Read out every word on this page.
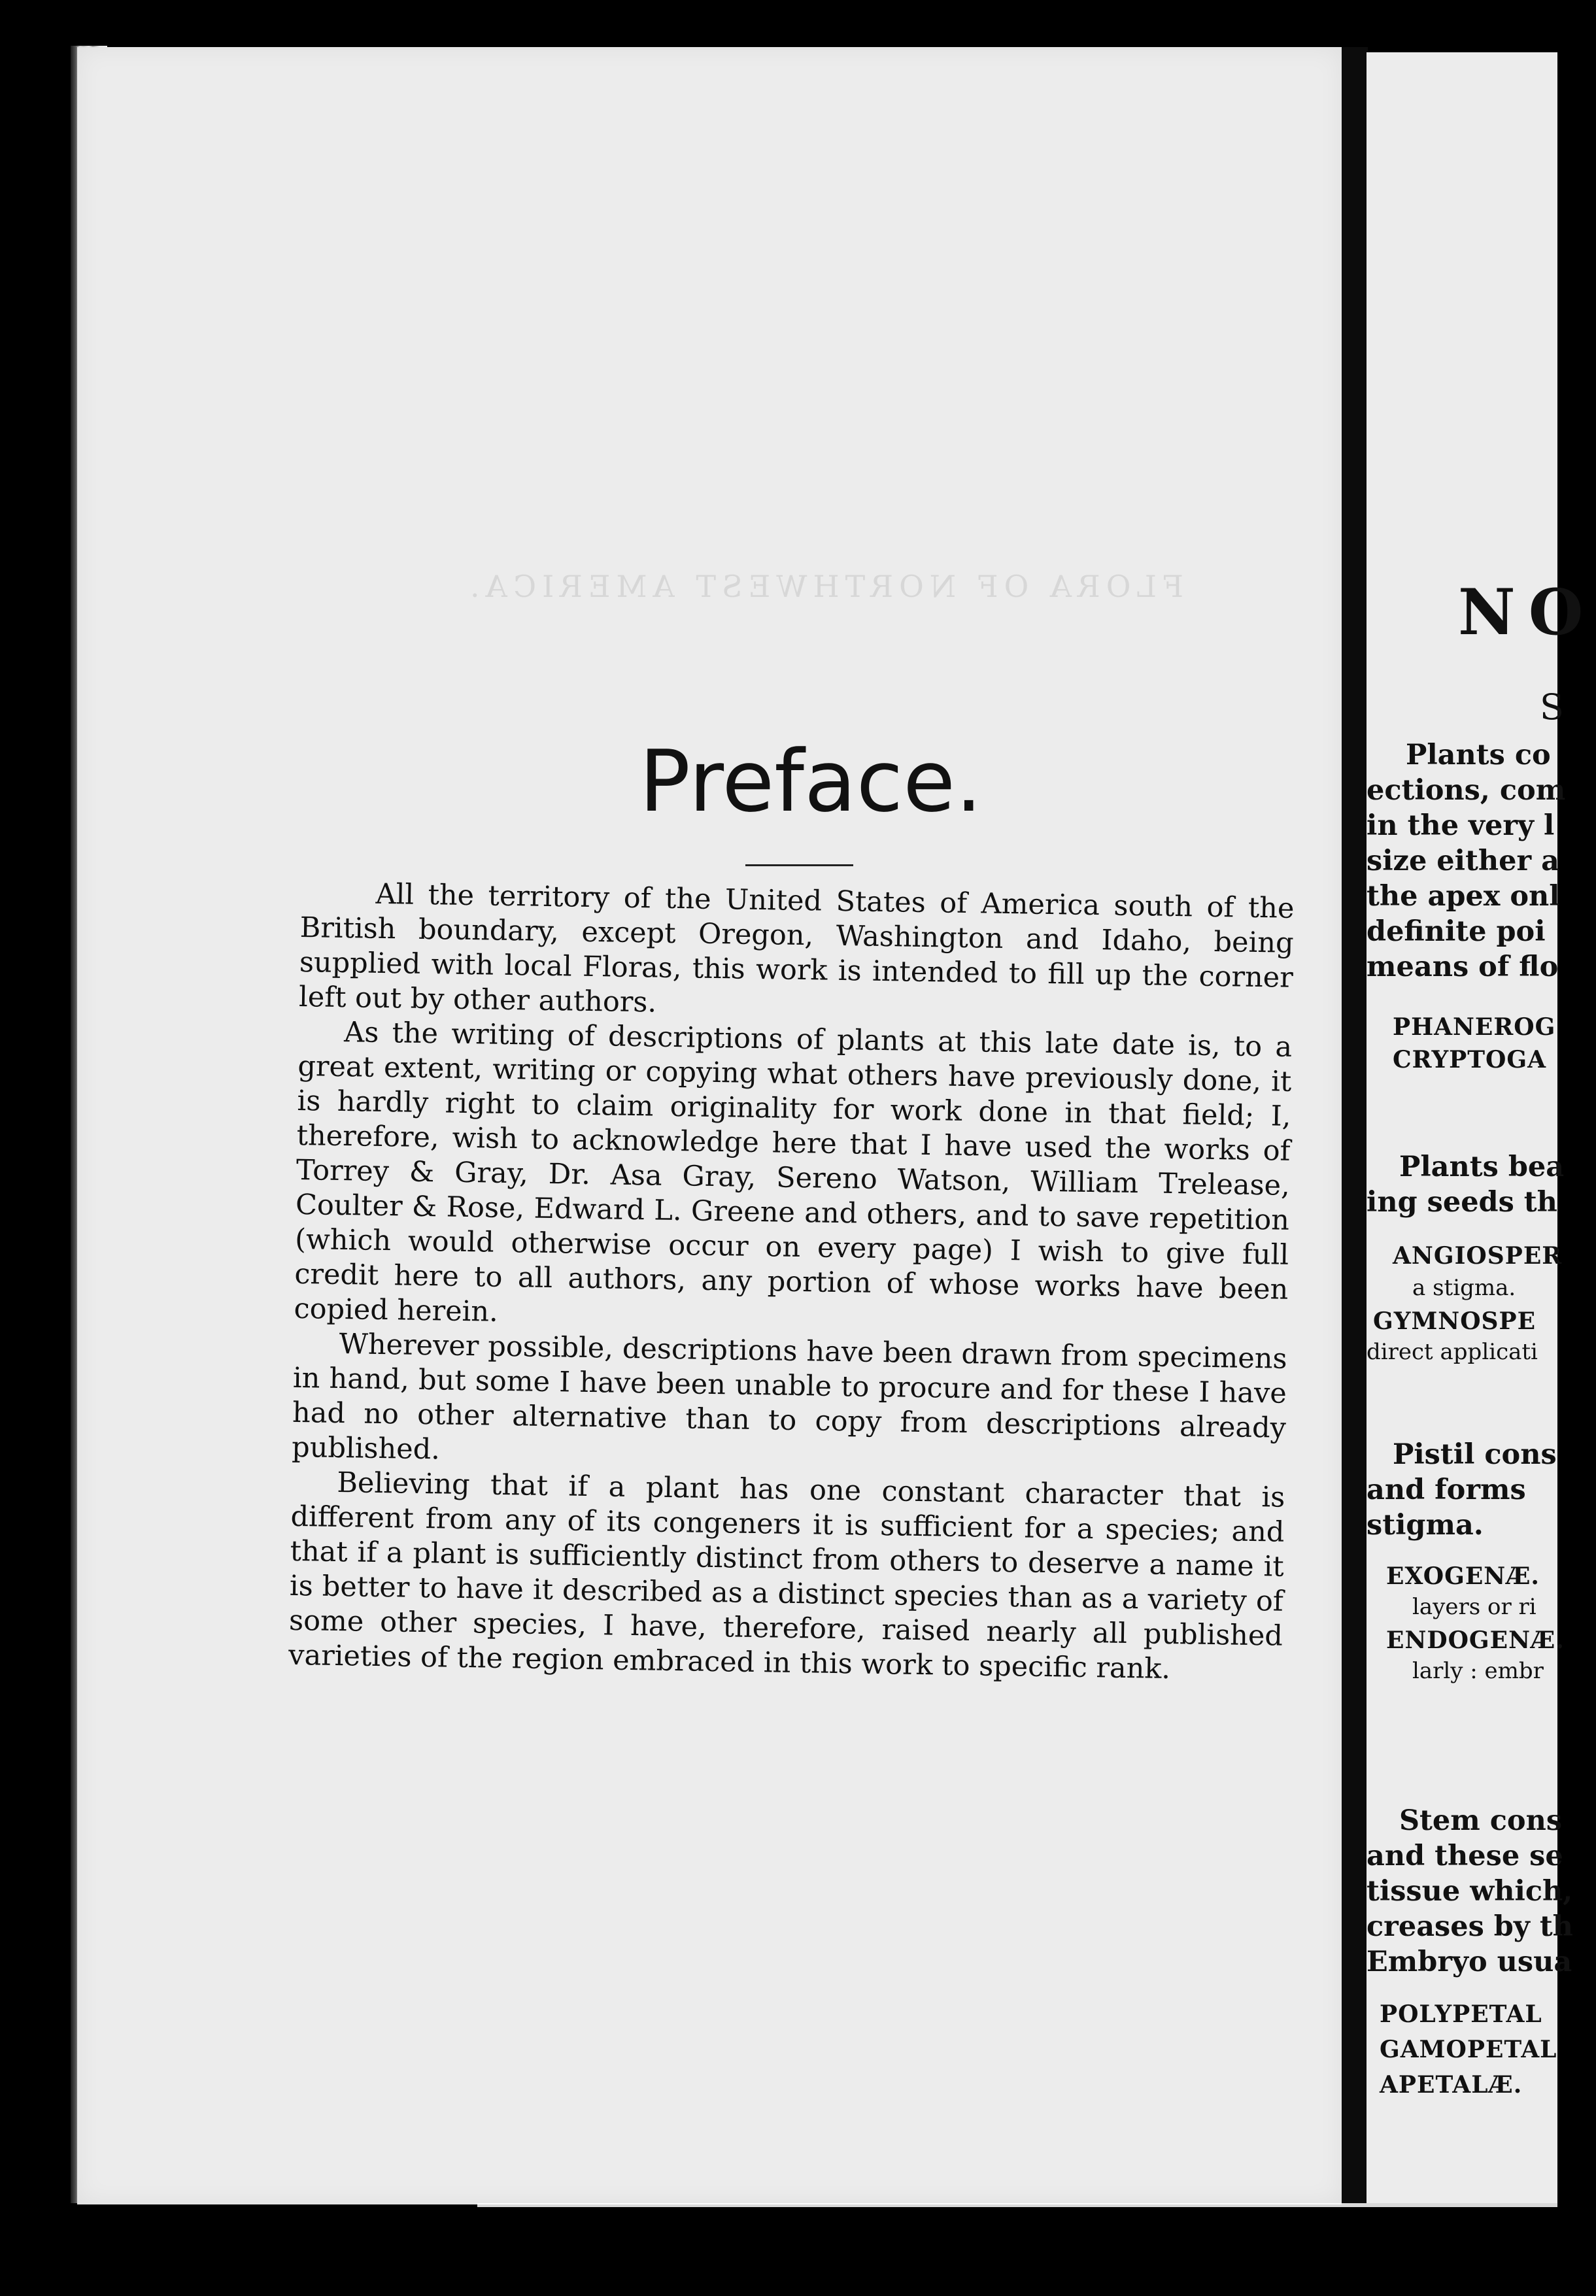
FLORA OF NORTHWEST AMERICA.
Preface.

All the territory of the United States of America south of the British boundary, except Oregon, Washington and Idaho, being supplied with local Floras, this work is intended to fill up the corner left out by other authors.

As the writing of descriptions of plants at this late date is, to a great extent, writing or copying what others have previously done, it is hardly right to claim originality for work done in that field; I, therefore, wish to acknowledge here that I have used the works of Torrey & Gray, Dr. Asa Gray, Sereno Watson, William Trelease, Coulter & Rose, Edward L. Greene and others, and to save repetition (which would otherwise occur on every page) I wish to give full credit here to all authors, any portion of whose works have been copied herein.

Wherever possible, descriptions have been drawn from specimens in hand, but some I have been unable to procure and for these I have had no other alternative than to copy from descriptions already published.

Believing that if a plant has one constant character that is different from any of its congeners it is sufficient for a species; and that if a plant is sufficiently distinct from others to deserve a name it is better to have it described as a distinct species than as a variety of some other species, I have, therefore, raised nearly all published varieties of the region embraced in this work to specific rank.

NO
S
Plants co
ections, com
in the very l
size either a
the apex onl
definite poi
means of flo
PHANEROG
CRYPTOGA
Plants bea
ing seeds th
ANGIOSPER
a stigma.
GYMNOSPE
direct applicati
Pistil cons
and forms
stigma.
EXOGENÆ.
layers or ri
ENDOGENÆ.
larly : embr
Stem cons
and these se
tissue which,
creases by th
Embryo usua
POLYPETAL
GAMOPETAL
APETALÆ.
